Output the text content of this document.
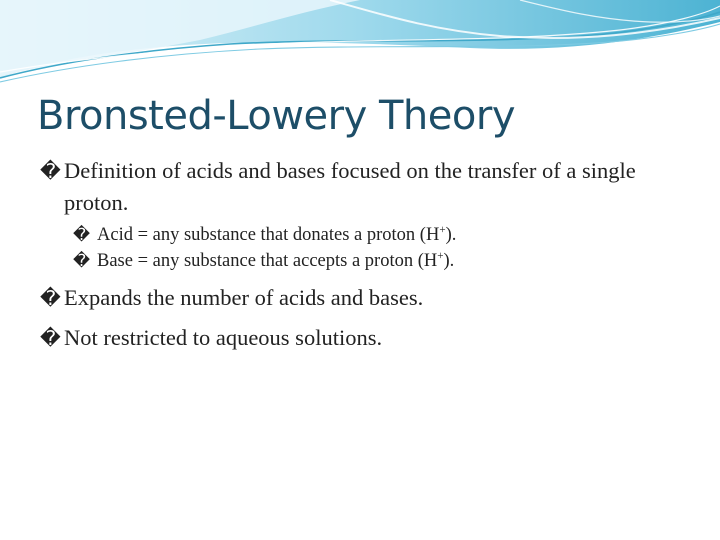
Bronsted-Lowery Theory
� Definition of acids and bases focused on the transfer of a single proton.
� Acid = any substance that donates a proton (H+).
� Base = any substance that accepts a proton (H+).
� Expands the number of acids and bases.
� Not restricted to aqueous solutions.
